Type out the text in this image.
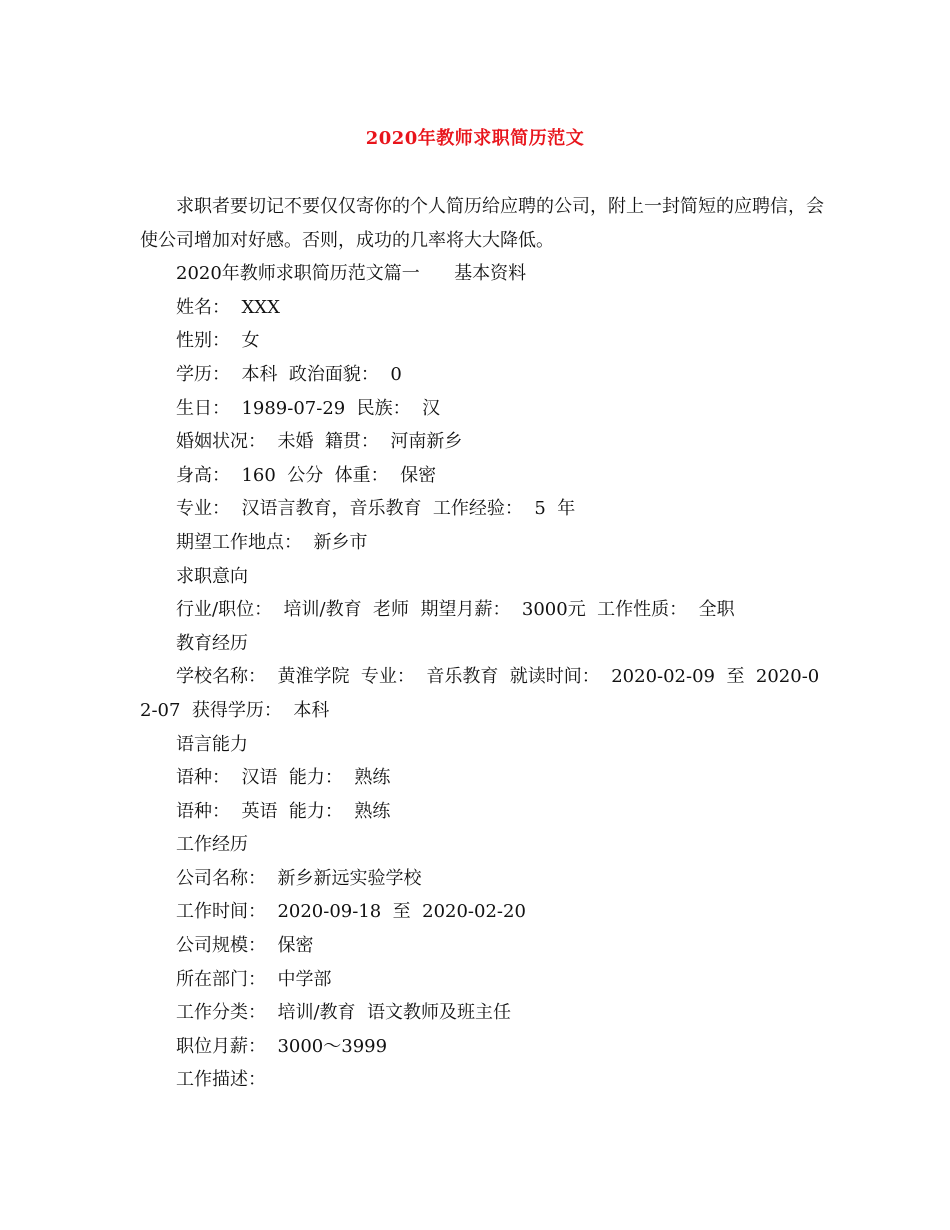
2020年教师求职简历范文

求职者要切记不要仅仅寄你的个人简历给应聘的公司，附上一封简短的应聘信，会使公司增加对好感。否则，成功的几率将大大降低。

2020年教师求职简历范文篇一      基本资料
姓名：  XXX
性别：  女
学历：  本科  政治面貌：  0
生日：  1989-07-29  民族：  汉
婚姻状况：  未婚  籍贯：  河南新乡
身高：  160  公分  体重：  保密
专业：  汉语言教育，音乐教育  工作经验：  5  年
期望工作地点：  新乡市
求职意向
行业/职位：  培训/教育  老师  期望月薪：  3000元  工作性质：  全职
教育经历

学校名称：  黄淮学院  专业：  音乐教育  就读时间：  2020-02-09  至  2020-02-07  获得学历：  本科

语言能力
语种：  汉语  能力：  熟练
语种：  英语  能力：  熟练
工作经历
公司名称：  新乡新远实验学校
工作时间：  2020-09-18  至  2020-02-20
公司规模：  保密
所在部门：  中学部
工作分类：  培训/教育  语文教师及班主任
职位月薪：  3000～3999
工作描述：
